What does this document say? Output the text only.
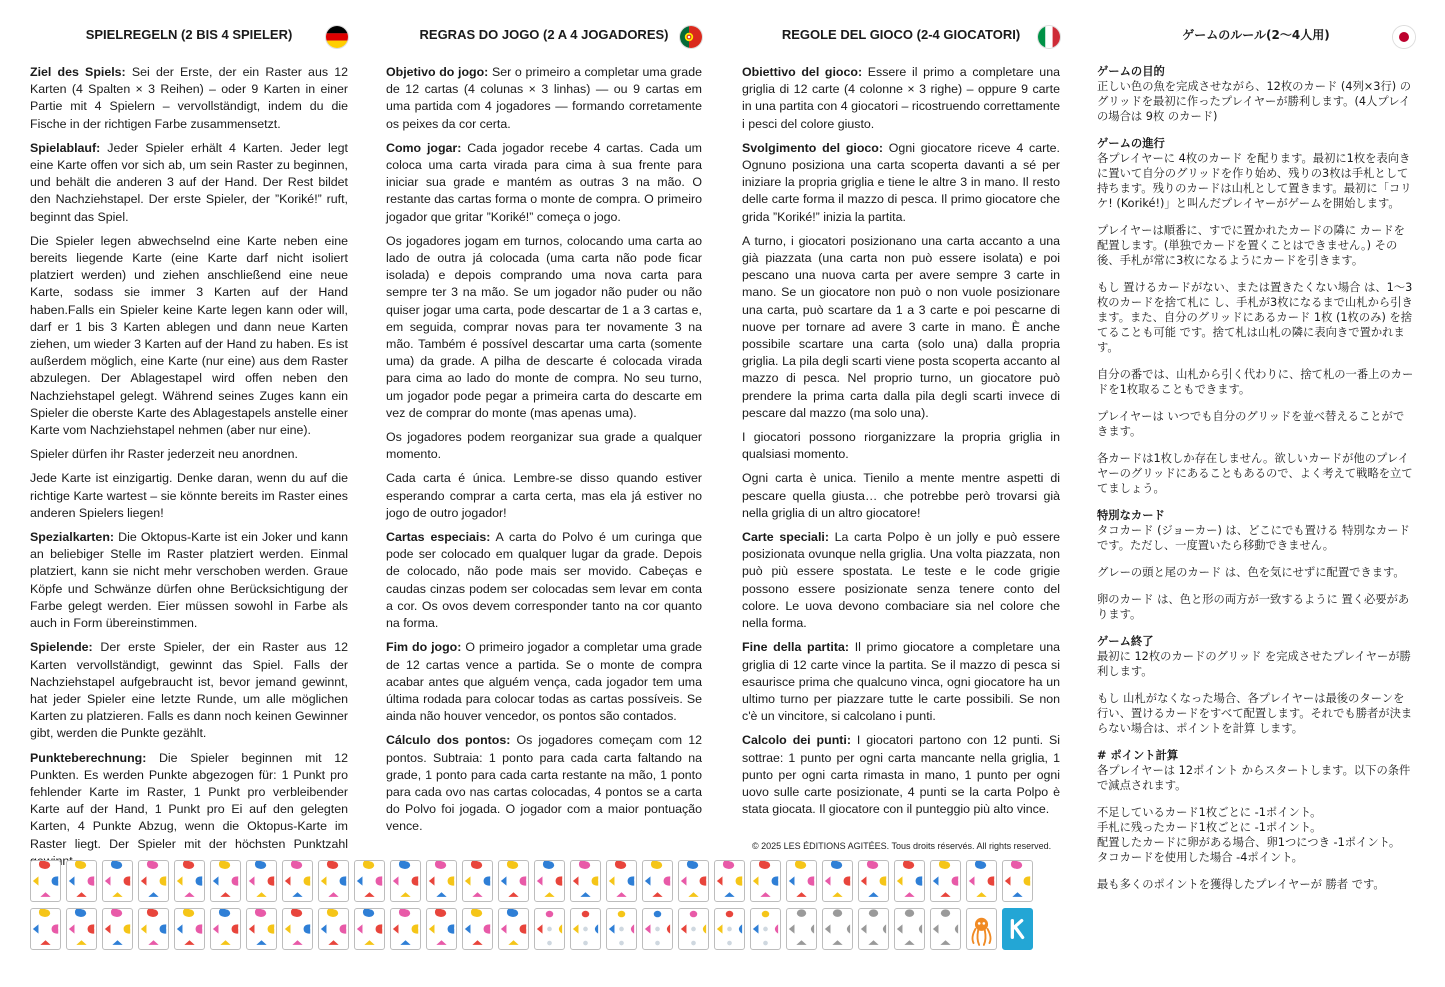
SPIELREGELN (2 BIS 4 SPIELER)

Ziel des Spiels: Sei der Erste, der ein Raster aus 12 Karten (4 Spalten × 3 Reihen) – oder 9 Karten in einer Partie mit 4 Spielern – vervollständigt, indem du die Fische in der richtigen Farbe zusammensetzt.

Spielablauf: Jeder Spieler erhält 4 Karten. Jeder legt eine Karte offen vor sich ab, um sein Raster zu beginnen, und behält die anderen 3 auf der Hand. Der Rest bildet den Nachziehstapel. Der erste Spieler, der ”Koriké!” ruft, beginnt das Spiel.

Die Spieler legen abwechselnd eine Karte neben eine bereits liegende Karte (eine Karte darf nicht isoliert platziert werden) und ziehen anschließend eine neue Karte, sodass sie immer 3 Karten auf der Hand haben.Falls ein Spieler keine Karte legen kann oder will, darf er 1 bis 3 Karten ablegen und dann neue Karten ziehen, um wieder 3 Karten auf der Hand zu haben. Es ist außerdem möglich, eine Karte (nur eine) aus dem Raster abzulegen. Der Ablagestapel wird offen neben den Nachziehstapel gelegt. Während seines Zuges kann ein Spieler die oberste Karte des Ablagestapels anstelle einer Karte vom Nachziehstapel nehmen (aber nur eine).

Spieler dürfen ihr Raster jederzeit neu anordnen.

Jede Karte ist einzigartig. Denke daran, wenn du auf die richtige Karte wartest – sie könnte bereits im Raster eines anderen Spielers liegen!

Spezialkarten: Die Oktopus-Karte ist ein Joker und kann an beliebiger Stelle im Raster platziert werden. Einmal platziert, kann sie nicht mehr verschoben werden. Graue Köpfe und Schwänze dürfen ohne Berücksichtigung der Farbe gelegt werden. Eier müssen sowohl in Farbe als auch in Form übereinstimmen.

Spielende: Der erste Spieler, der ein Raster aus 12 Karten vervollständigt, gewinnt das Spiel. Falls der Nachziehstapel aufgebraucht ist, bevor jemand gewinnt, hat jeder Spieler eine letzte Runde, um alle möglichen Karten zu platzieren. Falls es dann noch keinen Gewinner gibt, werden die Punkte gezählt.

Punkteberechnung: Die Spieler beginnen mit 12 Punkten. Es werden Punkte abgezogen für: 1 Punkt pro fehlender Karte im Raster, 1 Punkt pro verbleibender Karte auf der Hand, 1 Punkt pro Ei auf den gelegten Karten, 4 Punkte Abzug, wenn die Oktopus-Karte im Raster liegt. Der Spieler mit der höchsten Punktzahl

REGRAS DO JOGO (2 A 4 JOGADORES)

Objetivo do jogo: Ser o primeiro a completar uma grade de 12 cartas (4 colunas × 3 linhas) — ou 9 cartas em uma partida com 4 jogadores — formando corretamente os peixes da cor certa.

Como jogar: Cada jogador recebe 4 cartas. Cada um coloca uma carta virada para cima à sua frente para iniciar sua grade e mantém as outras 3 na mão. O restante das cartas forma o monte de compra. O primeiro jogador que gritar ”Koriké!” começa o jogo.

Os jogadores jogam em turnos, colocando uma carta ao lado de outra já colocada (uma carta não pode ficar isolada) e depois comprando uma nova carta para sempre ter 3 na mão. Se um jogador não puder ou não quiser jogar uma carta, pode descartar de 1 a 3 cartas e, em seguida, comprar novas para ter novamente 3 na mão. Também é possível descartar uma carta (somente uma) da grade. A pilha de descarte é colocada virada para cima ao lado do monte de compra. No seu turno, um jogador pode pegar a primeira carta do descarte em vez de comprar do monte (mas apenas uma).

Os jogadores podem reorganizar sua grade a qualquer momento.

Cada carta é única. Lembre-se disso quando estiver esperando comprar a carta certa, mas ela já estiver no jogo de outro jogador!

Cartas especiais: A carta do Polvo é um curinga que pode ser colocado em qualquer lugar da grade. Depois de colocado, não pode mais ser movido. Cabeças e caudas cinzas podem ser colocadas sem levar em conta a cor. Os ovos devem corresponder tanto na cor quanto na forma.

Fim do jogo: O primeiro jogador a completar uma grade de 12 cartas vence a partida. Se o monte de compra acabar antes que alguém vença, cada jogador tem uma última rodada para colocar todas as cartas possíveis. Se ainda não houver vencedor, os pontos são contados.

Cálculo dos pontos: Os jogadores começam com 12 pontos. Subtraia: 1 ponto para cada carta faltando na grade, 1 ponto para cada carta restante na mão, 1 ponto para cada ovo nas cartas colocadas, 4 pontos se a carta do Polvo foi jogada. O jogador com a maior pontuação vence.

REGOLE DEL GIOCO (2-4 GIOCATORI)

Obiettivo del gioco: Essere il primo a completare una griglia di 12 carte (4 colonne × 3 righe) – oppure 9 carte in una partita con 4 giocatori – ricostruendo correttamente i pesci del colore giusto.

Svolgimento del gioco: Ogni giocatore riceve 4 carte. Ognuno posiziona una carta scoperta davanti a sé per iniziare la propria griglia e tiene le altre 3 in mano. Il resto delle carte forma il mazzo di pesca. Il primo giocatore che grida ”Koriké!” inizia la partita.

A turno, i giocatori posizionano una carta accanto a una già piazzata (una carta non può essere isolata) e poi pescano una nuova carta per avere sempre 3 carte in mano. Se un giocatore non può o non vuole posizionare una carta, può scartare da 1 a 3 carte e poi pescarne di nuove per tornare ad avere 3 carte in mano. È anche possibile scartare una carta (solo una) dalla propria griglia. La pila degli scarti viene posta scoperta accanto al mazzo di pesca. Nel proprio turno, un giocatore può prendere la prima carta dalla pila degli scarti invece di pescare dal mazzo (ma solo una).

I giocatori possono riorganizzare la propria griglia in qualsiasi momento.

Ogni carta è unica. Tienilo a mente mentre aspetti di pescare quella giusta… che potrebbe però trovarsi già nella griglia di un altro giocatore!

Carte speciali: La carta Polpo è un jolly e può essere posizionata ovunque nella griglia. Una volta piazzata, non può più essere spostata. Le teste e le code grigie possono essere posizionate senza tenere conto del colore. Le uova devono combaciare sia nel colore che nella forma.

Fine della partita: Il primo giocatore a completare una griglia di 12 carte vince la partita. Se il mazzo di pesca si esaurisce prima che qualcuno vinca, ogni giocatore ha un ultimo turno per piazzare tutte le carte possibili. Se non c'è un vincitore, si calcolano i punti.

Calcolo dei punti: I giocatori partono con 12 punti. Si sottrae: 1 punto per ogni carta mancante nella griglia, 1 punto per ogni carta rimasta in mano, 1 punto per ogni uovo sulle carte posizionate, 4 punti se la carta Polpo è stata giocata. Il giocatore con il punteggio più alto vince.

ゲームのルール(2〜4人用)

ゲームの目的
正しい色の魚を完成させながら、12枚のカード (4列×3行) のグリッドを最初に作ったプレイヤーが勝利します。(4人プレイの場合は 9枚 のカード)

ゲームの進行
各プレイヤーに 4枚のカード を配ります。最初に1枚を表向きに置いて自分のグリッドを作り始め、残りの3枚は手札として持ちます。残りのカードは山札として置きます。最初に「コリケ! (Koriké!)」と叫んだプレイヤーがゲームを開始します。

プレイヤーは順番に、すでに置かれたカードの隣に カードを配置します。(単独でカードを置くことはできません。) その後、手札が常に3枚になるようにカードを引きます。

もし 置けるカードがない、または置きたくない場合 は、1〜3枚のカードを捨て札に し、手札が3枚になるまで山札から引きます。また、自分のグリッドにあるカード 1枚 (1枚のみ) を捨てることも可能 です。捨て札は山札の隣に表向きで置かれます。

自分の番では、山札から引く代わりに、捨て札の一番上のカードを1枚取ることもできます。

プレイヤーは いつでも自分のグリッドを並べ替えることができます。

各カードは1枚しか存在しません。欲しいカードが他のプレイヤーのグリッドにあることもあるので、よく考えて戦略を立ててましょう。

特別なカード
タコカード (ジョーカー) は、どこにでも置ける 特別なカードです。ただし、一度置いたら移動できません。

グレーの頭と尾のカード は、色を気にせずに配置できます。

卵のカード は、色と形の両方が一致するように 置く必要があります。

ゲーム終了
最初に 12枚のカードのグリッド を完成させたプレイヤーが勝利します。

もし 山札がなくなった場合、各プレイヤーは最後のターンを行い、置けるカードをすべて配置します。それでも勝者が決まらない場合は、ポイントを計算 します。

# ポイント計算
各プレイヤーは 12ポイント からスタートします。以下の条件で減点されます。

不足しているカード1枚ごとに -1ポイント。
手札に残ったカード1枚ごとに -1ポイント。
配置したカードに卵がある場合、卵1つにつき -1ポイント。
タコカードを使用した場合 -4ポイント。

最も多くのポイントを獲得したプレイヤーが 勝者 です。

© 2025 LES ÉDITIONS AGITÉES. Tous droits réservés. All rights reserved.
